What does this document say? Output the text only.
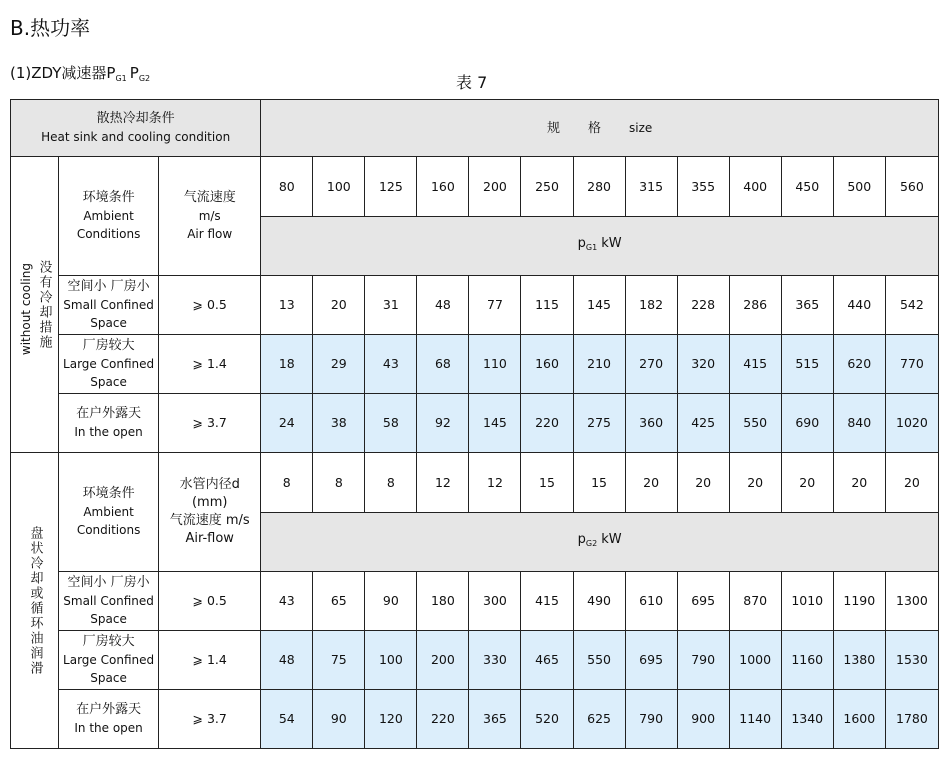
B.热功率
(1)ZDY减速器$P_{G1}$ $P_{G2}$	表 7
散热冷却条件
Heat sink and cooling condition			规 格 size												

没有冷却措施
without cooling	环境条件
Ambient
Conditions	气流速度
m/s
Air flow	80	100	125	160	200	250	280	315	355	400	450	500	560
			$p_{G1}$ kW												

	空间小 厂房小
Small Confined
Space	⩾ 0.5	13	20	31	48	77	115	145	182	228	286	365	440	542

	厂房较大
Large Confined
Space	⩾ 1.4	18	29	43	68	110	160	210	270	320	415	515	620	770

	在户外露天
In the open	⩾ 3.7	24	38	58	92	145	220	275	360	425	550	690	840	1020

盘状冷却或循环油润滑	环境条件
Ambient
Conditions	水管内径d
(mm)
气流速度 m/s
Air-flow	8	8	8	12	12	15	15	20	20	20	20	20	20
			$p_{G2}$ kW												

	空间小 厂房小
Small Confined
Space	⩾ 0.5	43	65	90	180	300	415	490	610	695	870	1010	1190	1300

	厂房较大
Large Confined
Space	⩾ 1.4	48	75	100	200	330	465	550	695	790	1000	1160	1380	1530

	在户外露天
In the open	⩾ 3.7	54	90	120	220	365	520	625	790	900	1140	1340	1600	1780
